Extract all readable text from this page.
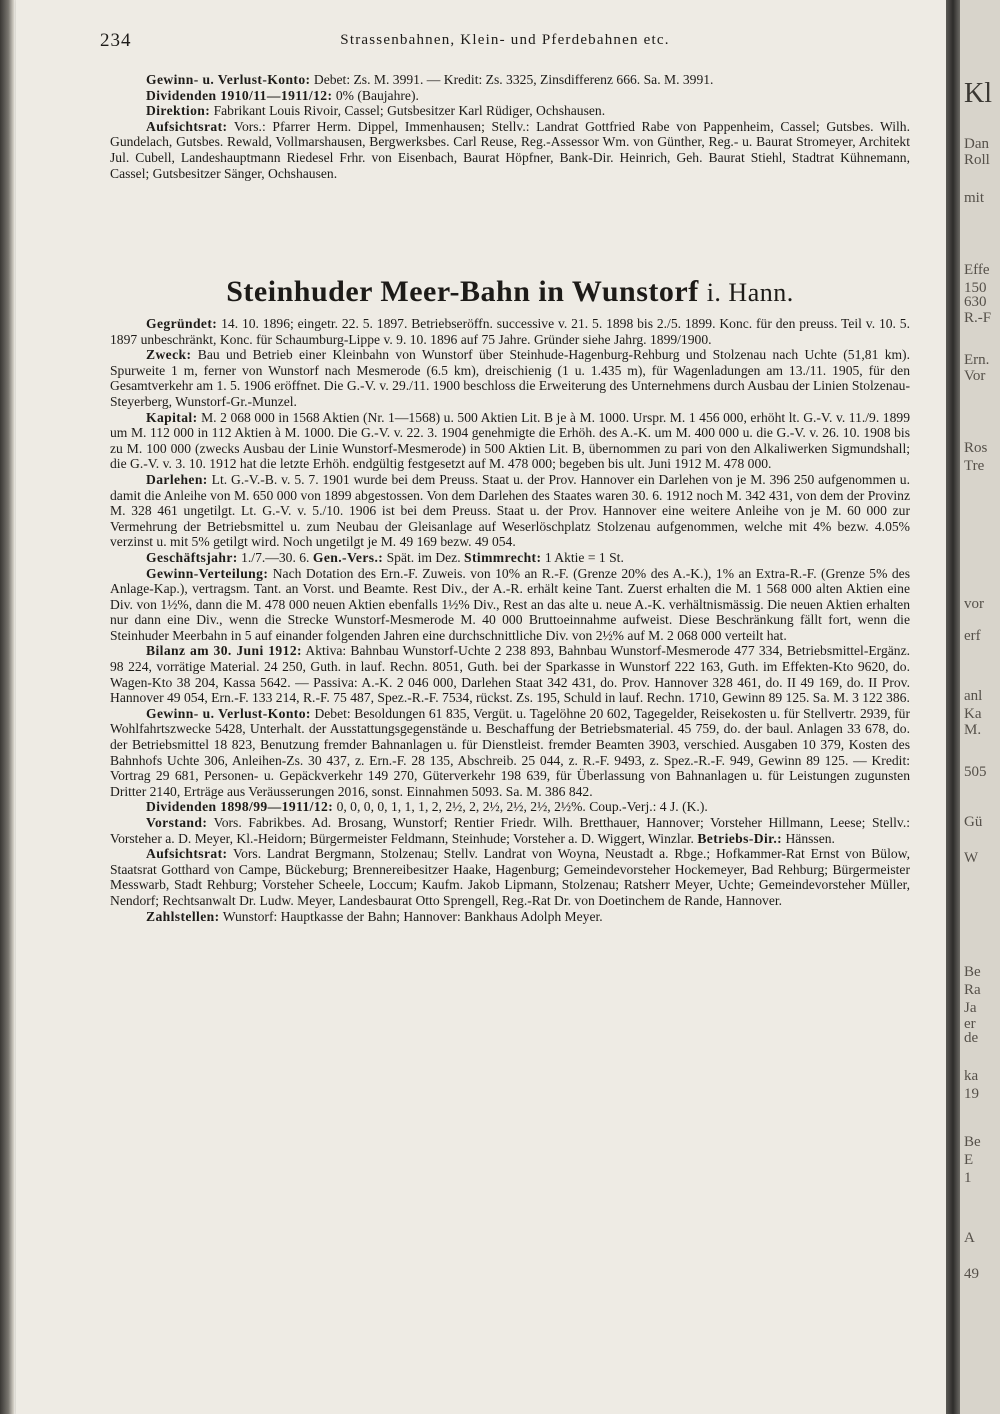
234	Strassenbahnen, Klein- und Pferdebahnen etc.

Gewinn- u. Verlust-Konto: Debet: Zs. M. 3991. — Kredit: Zs. 3325, Zinsdifferenz 666. Sa. M. 3991.

Dividenden 1910/11—1911/12: 0% (Baujahre).

Direktion: Fabrikant Louis Rivoir, Cassel; Gutsbesitzer Karl Rüdiger, Ochshausen.

Aufsichtsrat: Vors.: Pfarrer Herm. Dippel, Immenhausen; Stellv.: Landrat Gottfried Rabe von Pappenheim, Cassel; Gutsbes. Wilh. Gundelach, Gutsbes. Rewald, Vollmarshausen, Bergwerksbes. Carl Reuse, Reg.-Assessor Wm. von Günther, Reg.- u. Baurat Stromeyer, Architekt Jul. Cubell, Landeshauptmann Riedesel Frhr. von Eisenbach, Baurat Höpfner, Bank-Dir. Heinrich, Geh. Baurat Stiehl, Stadtrat Kühnemann, Cassel; Gutsbesitzer Sänger, Ochshausen.

Steinhuder Meer-Bahn in Wunstorf i. Hann.

Gegründet: 14. 10. 1896; eingetr. 22. 5. 1897. Betriebseröffn. successive v. 21. 5. 1898 bis 2./5. 1899. Konc. für den preuss. Teil v. 10. 5. 1897 unbeschränkt, Konc. für Schaumburg-Lippe v. 9. 10. 1896 auf 75 Jahre. Gründer siehe Jahrg. 1899/1900.

Zweck: Bau und Betrieb einer Kleinbahn von Wunstorf über Steinhude-Hagenburg-Rehburg und Stolzenau nach Uchte (51,81 km). Spurweite 1 m, ferner von Wunstorf nach Mesmerode (6.5 km), dreischienig (1 u. 1.435 m), für Wagenladungen am 13./11. 1905, für den Gesamtverkehr am 1. 5. 1906 eröffnet. Die G.-V. v. 29./11. 1900 beschloss die Erweiterung des Unternehmens durch Ausbau der Linien Stolzenau-Steyerberg, Wunstorf-Gr.-Munzel.

Kapital: M. 2 068 000 in 1568 Aktien (Nr. 1—1568) u. 500 Aktien Lit. B je à M. 1000. Urspr. M. 1 456 000, erhöht lt. G.-V. v. 11./9. 1899 um M. 112 000 in 112 Aktien à M. 1000. Die G.-V. v. 22. 3. 1904 genehmigte die Erhöh. des A.-K. um M. 400 000 u. die G.-V. v. 26. 10. 1908 bis zu M. 100 000 (zwecks Ausbau der Linie Wunstorf-Mesmerode) in 500 Aktien Lit. B, übernommen zu pari von den Alkaliwerken Sigmundshall; die G.-V. v. 3. 10. 1912 hat die letzte Erhöh. endgültig festgesetzt auf M. 478 000; begeben bis ult. Juni 1912 M. 478 000.

Darlehen: Lt. G.-V.-B. v. 5. 7. 1901 wurde bei dem Preuss. Staat u. der Prov. Hannover ein Darlehen von je M. 396 250 aufgenommen u. damit die Anleihe von M. 650 000 von 1899 abgestossen. Von dem Darlehen des Staates waren 30. 6. 1912 noch M. 342 431, von dem der Provinz M. 328 461 ungetilgt. Lt. G.-V. v. 5./10. 1906 ist bei dem Preuss. Staat u. der Prov. Hannover eine weitere Anleihe von je M. 60 000 zur Vermehrung der Betriebsmittel u. zum Neubau der Gleisanlage auf Weserlöschplatz Stolzenau aufgenommen, welche mit 4% bezw. 4.05% verzinst u. mit 5% getilgt wird. Noch ungetilgt je M. 49 169 bezw. 49 054.

Geschäftsjahr: 1./7.—30. 6. Gen.-Vers.: Spät. im Dez. Stimmrecht: 1 Aktie = 1 St.

Gewinn-Verteilung: Nach Dotation des Ern.-F. Zuweis. von 10% an R.-F. (Grenze 20% des A.-K.), 1% an Extra-R.-F. (Grenze 5% des Anlage-Kap.), vertragsm. Tant. an Vorst. und Beamte. Rest Div., der A.-R. erhält keine Tant. Zuerst erhalten die M. 1 568 000 alten Aktien eine Div. von 1½%, dann die M. 478 000 neuen Aktien ebenfalls 1½% Div., Rest an das alte u. neue A.-K. verhältnismässig. Die neuen Aktien erhalten nur dann eine Div., wenn die Strecke Wunstorf-Mesmerode M. 40 000 Bruttoeinnahme aufweist. Diese Beschränkung fällt fort, wenn die Steinhuder Meerbahn in 5 auf einander folgenden Jahren eine durchschnittliche Div. von 2½% auf M. 2 068 000 verteilt hat.

Bilanz am 30. Juni 1912: Aktiva: Bahnbau Wunstorf-Uchte 2 238 893, Bahnbau Wunstorf-Mesmerode 477 334, Betriebsmittel-Ergänz. 98 224, vorrätige Material. 24 250, Guth. in lauf. Rechn. 8051, Guth. bei der Sparkasse in Wunstorf 222 163, Guth. im Effekten-Kto 9620, do. Wagen-Kto 38 204, Kassa 5642. — Passiva: A.-K. 2 046 000, Darlehen Staat 342 431, do. Prov. Hannover 328 461, do. II 49 169, do. II Prov. Hannover 49 054, Ern.-F. 133 214, R.-F. 75 487, Spez.-R.-F. 7534, rückst. Zs. 195, Schuld in lauf. Rechn. 1710, Gewinn 89 125. Sa. M. 3 122 386.

Gewinn- u. Verlust-Konto: Debet: Besoldungen 61 835, Vergüt. u. Tagelöhne 20 602, Tagegelder, Reisekosten u. für Stellvertr. 2939, für Wohlfahrtszwecke 5428, Unterhalt. der Ausstattungsgegenstände u. Beschaffung der Betriebsmaterial. 45 759, do. der baul. Anlagen 33 678, do. der Betriebsmittel 18 823, Benutzung fremder Bahnanlagen u. für Dienstleist. fremder Beamten 3903, verschied. Ausgaben 10 379, Kosten des Bahnhofs Uchte 306, Anleihen-Zs. 30 437, z. Ern.-F. 28 135, Abschreib. 25 044, z. R.-F. 9493, z. Spez.-R.-F. 949, Gewinn 89 125. — Kredit: Vortrag 29 681, Personen- u. Gepäckverkehr 149 270, Güterverkehr 198 639, für Überlassung von Bahnanlagen u. für Leistungen zugunsten Dritter 2140, Erträge aus Veräusserungen 2016, sonst. Einnahmen 5093. Sa. M. 386 842.

Dividenden 1898/99—1911/12: 0, 0, 0, 0, 1, 1, 1, 2, 2½, 2, 2½, 2½, 2½, 2½%. Coup.-Verj.: 4 J. (K.).

Vorstand: Vors. Fabrikbes. Ad. Brosang, Wunstorf; Rentier Friedr. Wilh. Bretthauer, Hannover; Vorsteher Hillmann, Leese; Stellv.: Vorsteher a. D. Meyer, Kl.-Heidorn; Bürgermeister Feldmann, Steinhude; Vorsteher a. D. Wiggert, Winzlar. Betriebs-Dir.: Hänssen.

Aufsichtsrat: Vors. Landrat Bergmann, Stolzenau; Stellv. Landrat von Woyna, Neustadt a. Rbge.; Hofkammer-Rat Ernst von Bülow, Staatsrat Gotthard von Campe, Bückeburg; Brennereibesitzer Haake, Hagenburg; Gemeindevorsteher Hockemeyer, Bad Rehburg; Bürgermeister Messwarb, Stadt Rehburg; Vorsteher Scheele, Loccum; Kaufm. Jakob Lipmann, Stolzenau; Ratsherr Meyer, Uchte; Gemeindevorsteher Müller, Nendorf; Rechtsanwalt Dr. Ludw. Meyer, Landesbaurat Otto Sprengell, Reg.-Rat Dr. von Doetinchem de Rande, Hannover.

Zahlstellen: Wunstorf: Hauptkasse der Bahn; Hannover: Bankhaus Adolph Meyer.

Kl
Dan
Roll
mit
Effe
150
630
R.-F
Ern.
Vor
Ros
Tre
vor
erf
anl
Ka
M.
505
Gü
W
Be
Ra
Ja
er
de
ka
19
Be
E
1
A
49
